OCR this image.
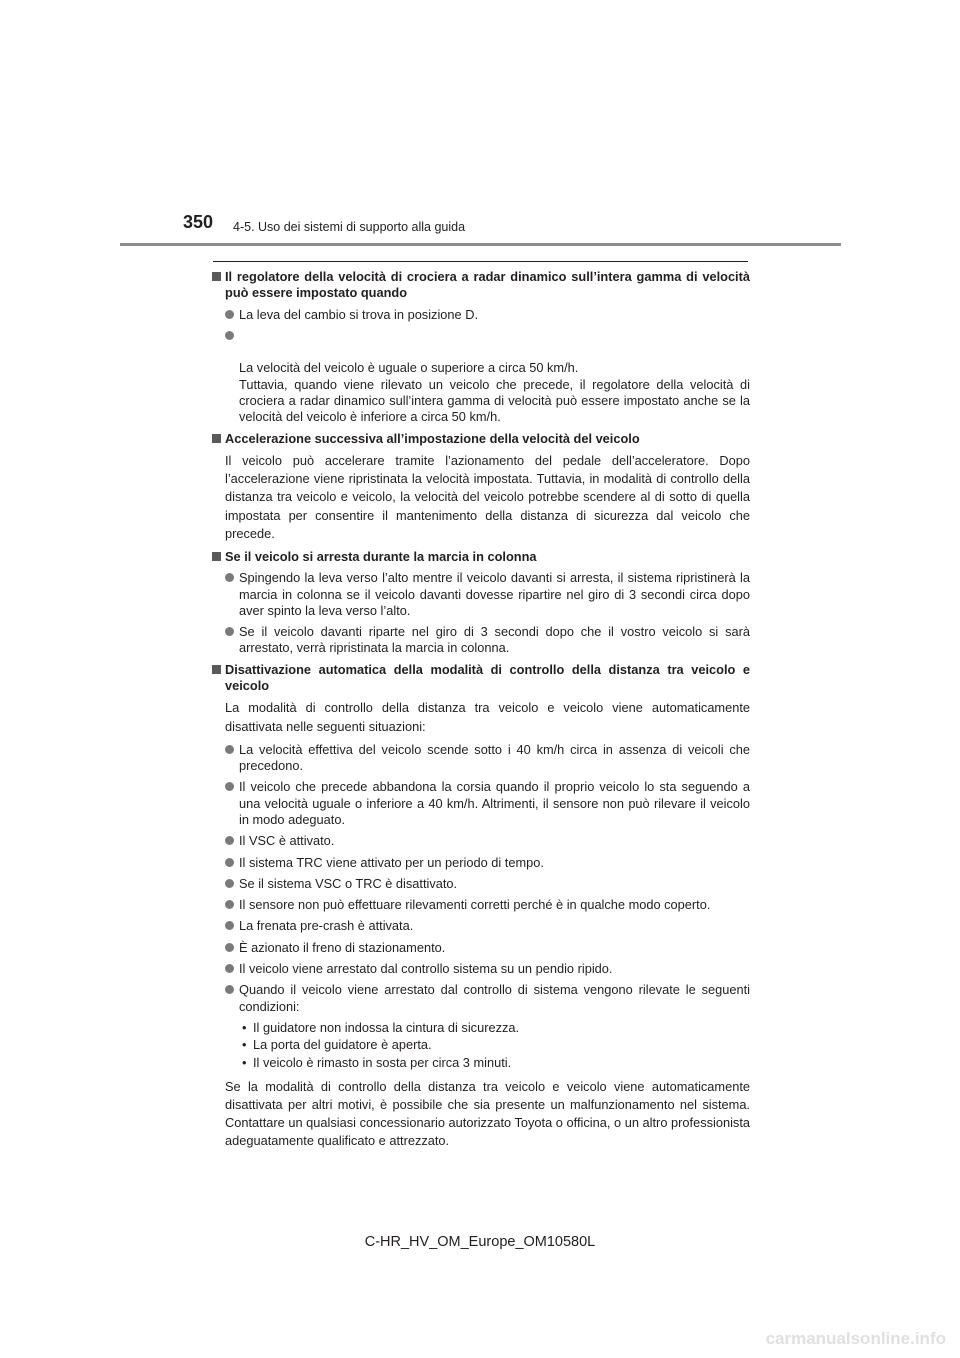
350 4-5. Uso dei sistemi di supporto alla guida
Il regolatore della velocità di crociera a radar dinamico sull’intera gamma di velocità può essere impostato quando
La leva del cambio si trova in posizione D.

La velocità del veicolo è uguale o superiore a circa 50 km/h.
Tuttavia, quando viene rilevato un veicolo che precede, il regolatore della velocità di crociera a radar dinamico sull’intera gamma di velocità può essere impostato anche se la velocità del veicolo è inferiore a circa 50 km/h.

Accelerazione successiva all’impostazione della velocità del veicolo
Il veicolo può accelerare tramite l’azionamento del pedale dell’acceleratore. Dopo l’accelerazione viene ripristinata la velocità impostata. Tuttavia, in modalità di controllo della distanza tra veicolo e veicolo, la velocità del veicolo potrebbe scendere al di sotto di quella impostata per consentire il mantenimento della distanza di sicurezza dal veicolo che precede.
Se il veicolo si arresta durante la marcia in colonna
Spingendo la leva verso l’alto mentre il veicolo davanti si arresta, il sistema ripristinerà la marcia in colonna se il veicolo davanti dovesse ripartire nel giro di 3 secondi circa dopo aver spinto la leva verso l’alto.
Se il veicolo davanti riparte nel giro di 3 secondi dopo che il vostro veicolo si sarà arrestato, verrà ripristinata la marcia in colonna.
Disattivazione automatica della modalità di controllo della distanza tra veicolo e veicolo
La modalità di controllo della distanza tra veicolo e veicolo viene automaticamente disattivata nelle seguenti situazioni:
La velocità effettiva del veicolo scende sotto i 40 km/h circa in assenza di veicoli che precedono.
Il veicolo che precede abbandona la corsia quando il proprio veicolo lo sta seguendo a una velocità uguale o inferiore a 40 km/h. Altrimenti, il sensore non può rilevare il veicolo in modo adeguato.
Il VSC è attivato.
Il sistema TRC viene attivato per un periodo di tempo.
Se il sistema VSC o TRC è disattivato.
Il sensore non può effettuare rilevamenti corretti perché è in qualche modo coperto.
La frenata pre-crash è attivata.
È azionato il freno di stazionamento.
Il veicolo viene arrestato dal controllo sistema su un pendio ripido.
Quando il veicolo viene arrestato dal controllo di sistema vengono rilevate le seguenti condizioni:
• Il guidatore non indossa la cintura di sicurezza.
• La porta del guidatore è aperta.
• Il veicolo è rimasto in sosta per circa 3 minuti.
Se la modalità di controllo della distanza tra veicolo e veicolo viene automaticamente disattivata per altri motivi, è possibile che sia presente un malfunzionamento nel sistema. Contattare un qualsiasi concessionario autorizzato Toyota o officina, o un altro professionista adeguatamente qualificato e attrezzato.
C-HR_HV_OM_Europe_OM10580L
carmanualsonline.info
